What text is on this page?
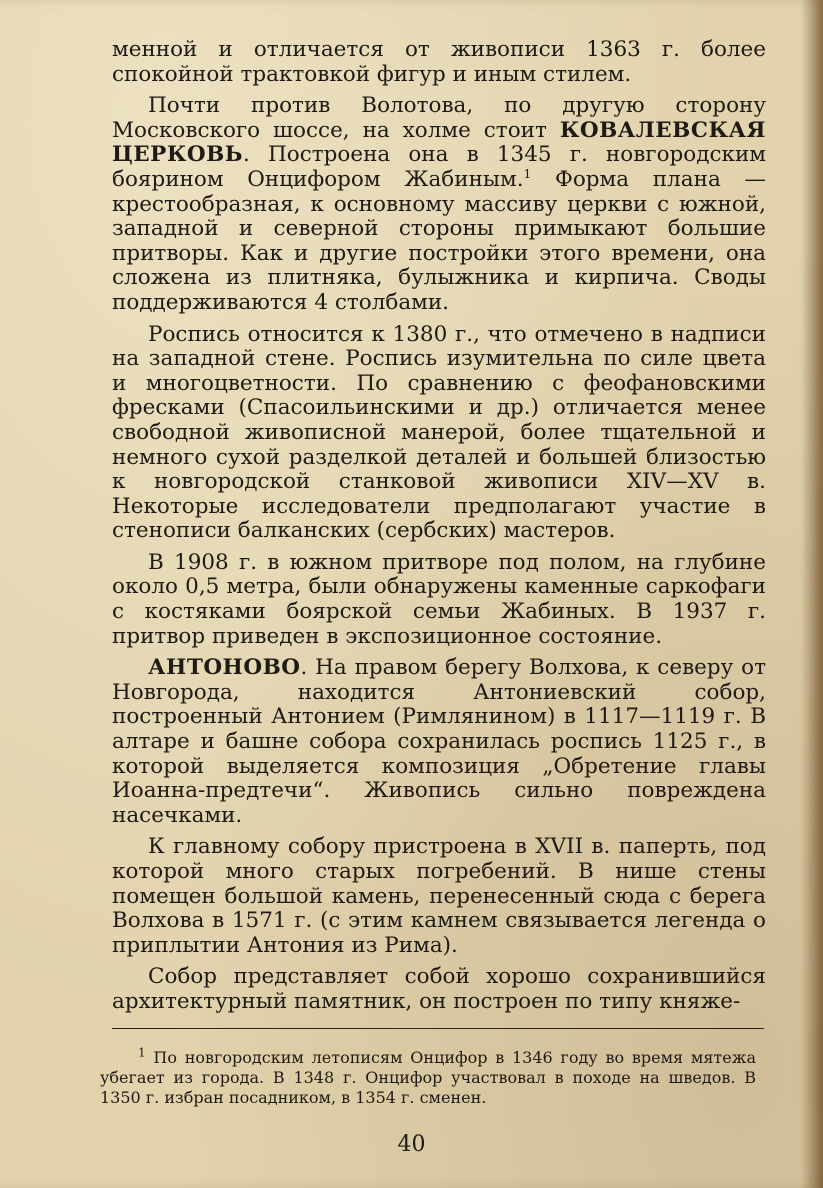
менной и отличается от живописи 1363 г. более спокойной трактовкой фигур и иным стилем.

Почти против Волотова, по другую сторону Московского шоссе, на холме стоит КОВАЛЕВСКАЯ ЦЕРКОВЬ. Построена она в 1345 г. новгородским боярином Онцифором Жабиным.$^1$ Форма плана — крестообразная, к основному массиву церкви с южной, западной и северной стороны примыкают большие притворы. Как и другие постройки этого времени, она сложена из плитняка, булыжника и кирпича. Своды поддерживаются 4 столбами.

Роспись относится к 1380 г., что отмечено в надписи на западной стене. Роспись изумительна по силе цвета и многоцветности. По сравнению с феофановскими фресками (Спасоильинскими и др.) отличается менее свободной живописной манерой, более тщательной и немного сухой разделкой деталей и большей близостью к новгородской станковой живописи XIV—XV в. Некоторые исследователи предполагают участие в стенописи балканских (сербских) мастеров.

В 1908 г. в южном притворе под полом, на глубине около 0,5 метра, были обнаружены каменные саркофаги с костяками боярской семьи Жабиных. В 1937 г. притвор приведен в экспозиционное состояние.

АНТОНОВО. На правом берегу Волхова, к северу от Новгорода, находится Антониевский собор, построенный Антонием (Римлянином) в 1117—1119 г. В алтаре и башне собора сохранилась роспись 1125 г., в которой выделяется композиция „Обретение главы Иоанна-предтечи“. Живопись сильно повреждена насечками.

К главному собору пристроена в XVII в. паперть, под которой много старых погребений. В нише стены помещен большой камень, перенесенный сюда с берега Волхова в 1571 г. (с этим камнем связывается легенда о приплытии Антония из Рима).

Собор представляет собой хорошо сохранившийся архитектурный памятник, он построен по типу княже-

$^1$ По новгородским летописям Онцифор в 1346 году во время мятежа убегает из города. В 1348 г. Онцифор участвовал в походе на шведов. В 1350 г. избран посадником, в 1354 г. сменен.

40
